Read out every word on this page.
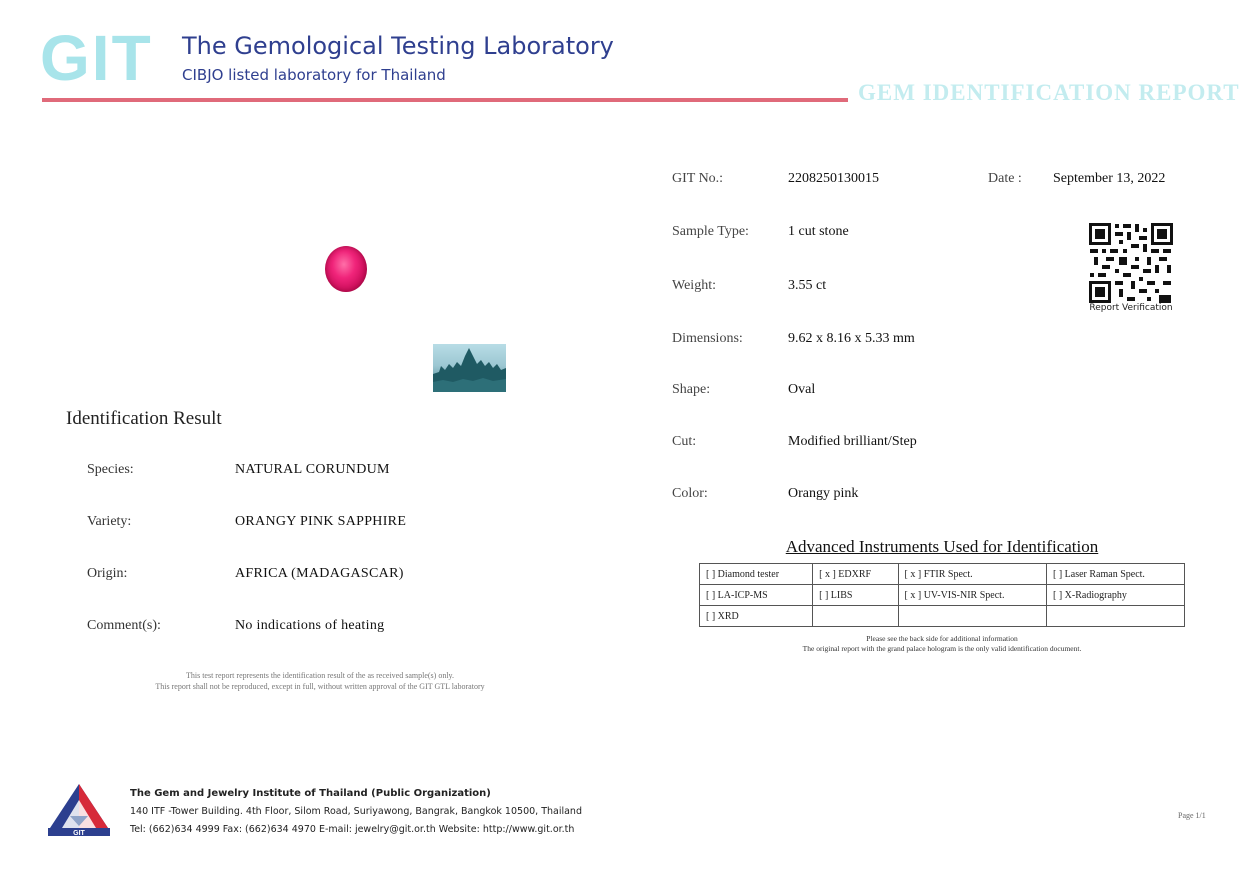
GIT The Gemological Testing Laboratory
CIBJO listed laboratory for Thailand
GEM IDENTIFICATION REPORT
Identification Result
Species:	NATURAL CORUNDUM
Variety:	ORANGY PINK SAPPHIRE
Origin:	AFRICA (MADAGASCAR)
Comment(s):	No indications of heating
This test report represents the identification result of the as received sample(s) only.
This report shall not be reproduced, except in full, without written approval of the GIT GTL laboratory
GIT No.:	2208250130015	Date : September 13, 2022
Sample Type:	1 cut stone
Weight:	3.55 ct
Dimensions:	9.62 x 8.16 x 5.33 mm
Shape:	Oval
Cut:	Modified brilliant/Step
Color:	Orangy pink
Report Verification
Advanced Instruments Used for Identification
[ ] Diamond tester	[ x ] EDXRF	[ x ] FTIR Spect.	[ ] Laser Raman Spect.
[ ] LA-ICP-MS	[ ] LIBS	[ x ] UV-VIS-NIR Spect.	[ ] X-Radiography
[ ] XRD			
Please see the back side for additional information
The original report with the grand palace hologram is the only valid identification document.
GIT
The Gem and Jewelry Institute of Thailand (Public Organization)
140 ITF -Tower Building. 4th Floor, Silom Road, Suriyawong, Bangrak, Bangkok 10500, Thailand
Tel: (662)634 4999 Fax: (662)634 4970 E-mail: jewelry@git.or.th Website: http://www.git.or.th
Page 1/1
